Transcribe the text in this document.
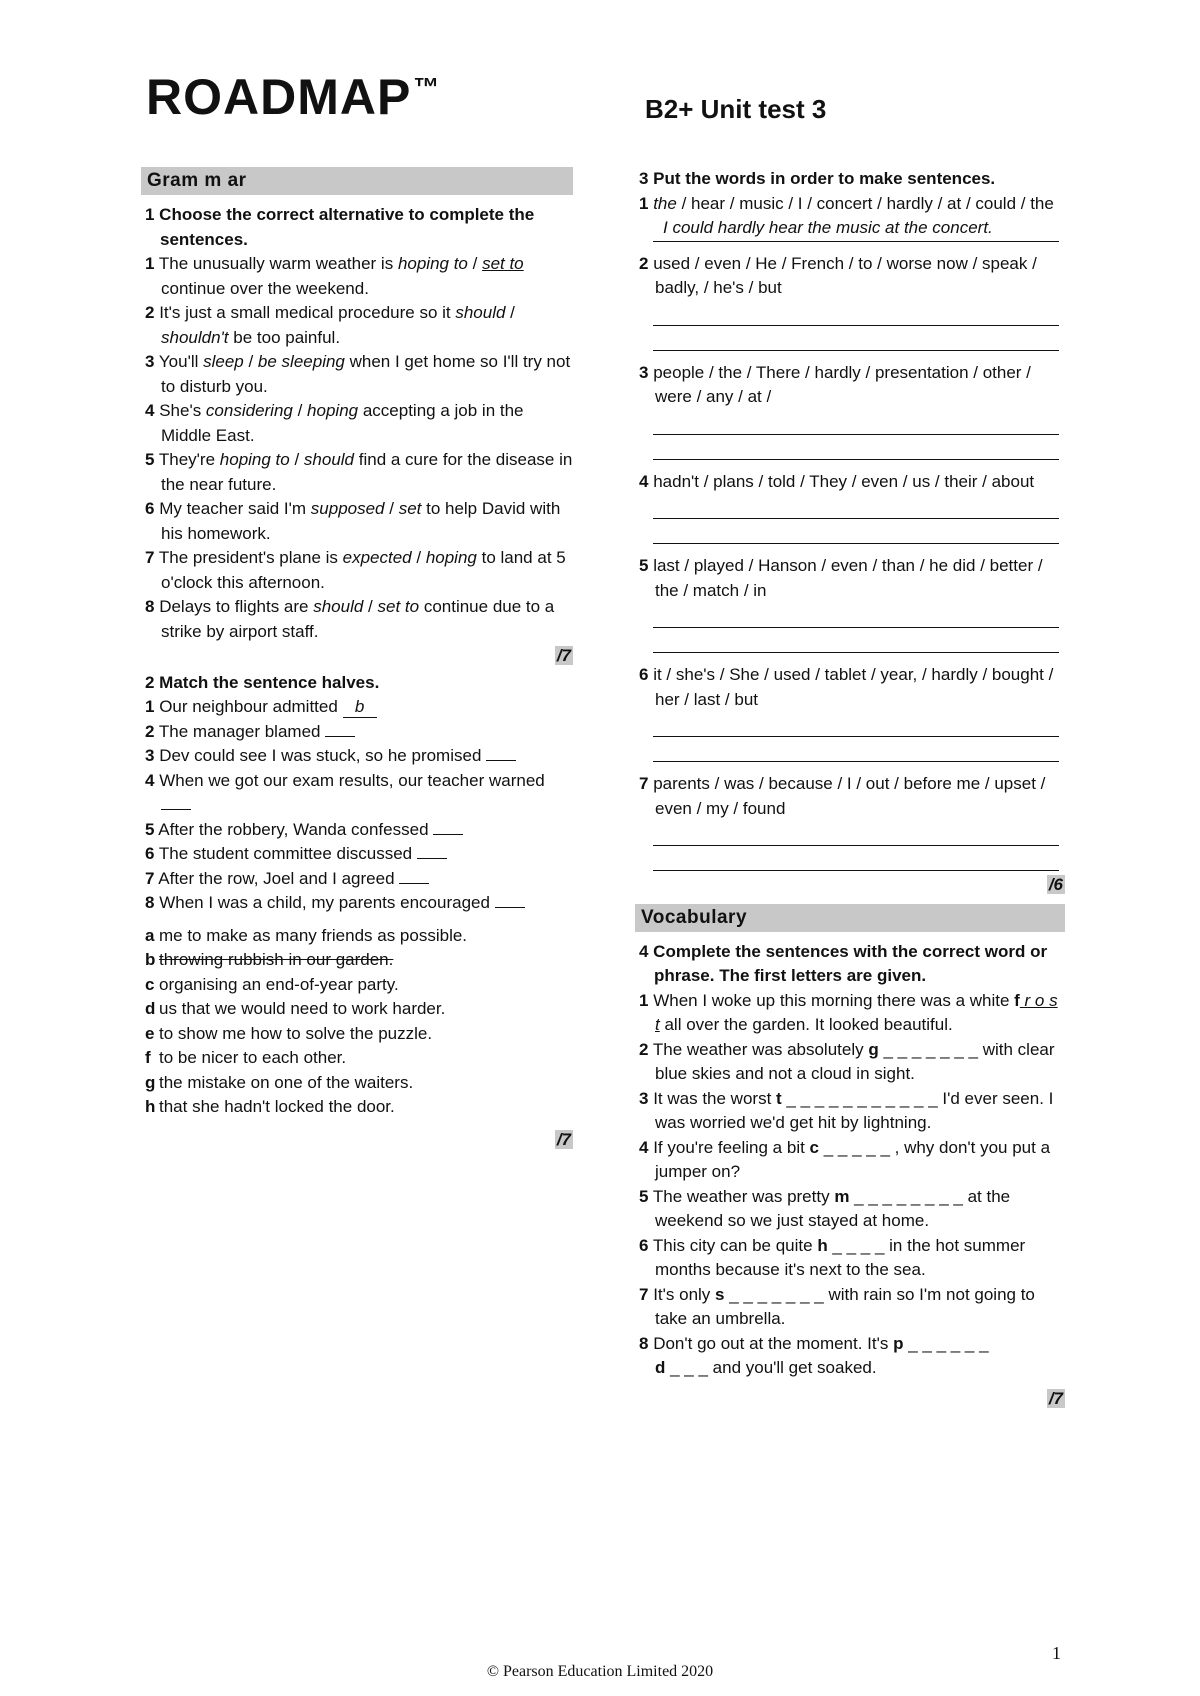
ROADMAP™
B2+ Unit test 3
Gram m ar
1 Choose the correct alternative to complete the sentences.
1 The unusually warm weather is hoping to / set to continue over the weekend.
2 It's just a small medical procedure so it should / shouldn't be too painful.
3 You'll sleep / be sleeping when I get home so I'll try not to disturb you.
4 She's considering / hoping accepting a job in the Middle East.
5 They're hoping to / should find a cure for the disease in the near future.
6 My teacher said I'm supposed / set to help David with his homework.
7 The president's plane is expected / hoping to land at 5 o'clock this afternoon.
8 Delays to flights are should / set to continue due to a strike by airport staff.
/7
2 Match the sentence halves.
1 Our neighbour admitted b
2 The manager blamed
3 Dev could see I was stuck, so he promised
4 When we got our exam results, our teacher warned
5 After the robbery, Wanda confessed
6 The student committee discussed
7 After the row, Joel and I agreed
8 When I was a child, my parents encouraged
a me to make as many friends as possible.
b throwing rubbish in our garden.
c organising an end-of-year party.
d us that we would need to work harder.
e to show me how to solve the puzzle.
f to be nicer to each other.
g the mistake on one of the waiters.
h that she hadn't locked the door.
/7
3 Put the words in order to make sentences.
1 the / hear / music / I / concert / hardly / at / could / the
I could hardly hear the music at the concert.
2 used / even / He / French / to / worse now / speak / badly, / he's / but
3 people / the / There / hardly / presentation / other / were / any / at /
4 hadn't / plans / told / They / even / us / their / about
5 last / played / Hanson / even / than / he did / better / the / match / in
6 it / she's / She / used / tablet / year, / hardly / bought / her / last / but
7 parents / was / because / I / out / before me / upset / even / my / found
/6
Vocabulary
4 Complete the sentences with the correct word or phrase. The first letters are given.
1 When I woke up this morning there was a white f r o s t all over the garden. It looked beautiful.
2 The weather was absolutely g _ _ _ _ _ _ _ with clear blue skies and not a cloud in sight.
3 It was the worst t _ _ _ _ _ _ _ _ _ _ _ I'd ever seen. I was worried we'd get hit by lightning.
4 If you're feeling a bit c _ _ _ _ _ , why don't you put a jumper on?
5 The weather was pretty m _ _ _ _ _ _ _ _ at the weekend so we just stayed at home.
6 This city can be quite h _ _ _ _ in the hot summer months because it's next to the sea.
7 It's only s _ _ _ _ _ _ _ with rain so I'm not going to take an umbrella.
8 Don't go out at the moment. It's p _ _ _ _ _ _
d _ _ _ and you'll get soaked.
/7
1
© Pearson Education Limited 2020
